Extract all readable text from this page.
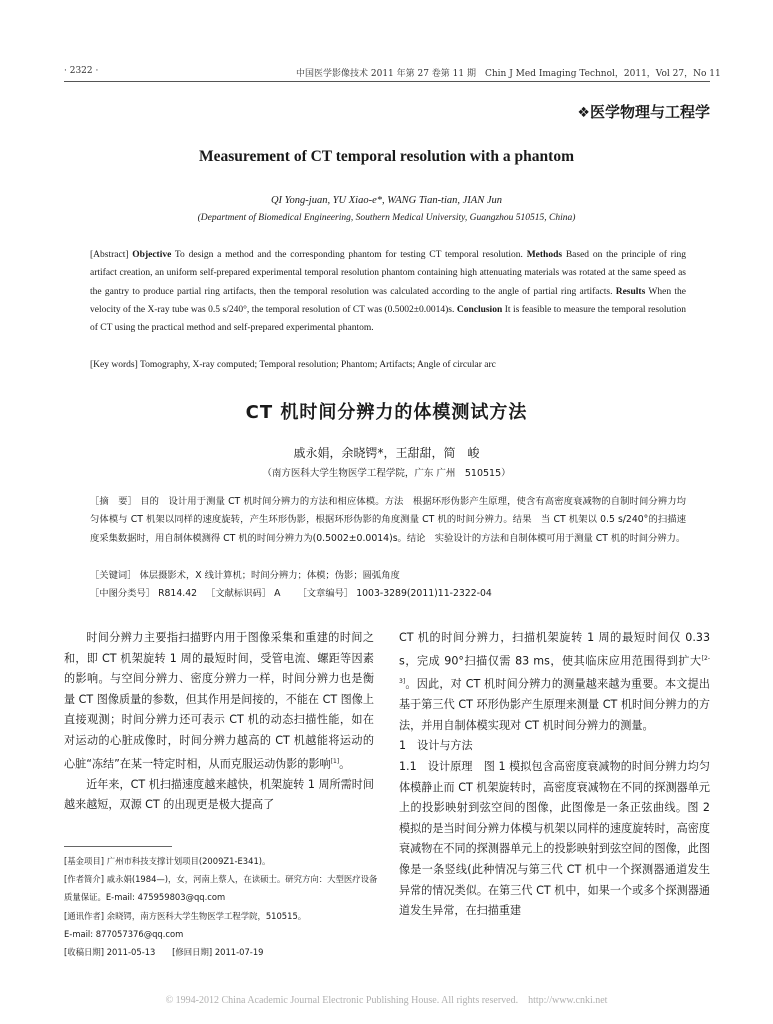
· 2322 ·	中国医学影像技术 2011 年第 27 卷第 11 期　Chin J Med Imaging Technol，2011，Vol 27，No 11
❖医学物理与工程学
Measurement of CT temporal resolution with a phantom
QI Yong-juan, YU Xiao-e*, WANG Tian-tian, JIAN Jun
(Department of Biomedical Engineering, Southern Medical University, Guangzhou 510515, China)
[Abstract] Objective To design a method and the corresponding phantom for testing CT temporal resolution. Methods Based on the principle of ring artifact creation, an uniform self-prepared experimental temporal resolution phantom containing high attenuating materials was rotated at the same speed as the gantry to produce partial ring artifacts, then the temporal resolution was calculated according to the angle of partial ring artifacts. Results When the velocity of the X-ray tube was 0.5 s/240°, the temporal resolution of CT was (0.5002±0.0014)s. Conclusion It is feasible to measure the temporal resolution of CT using the practical method and self-prepared experimental phantom.
[Key words] Tomography, X-ray computed; Temporal resolution; Phantom; Artifacts; Angle of circular arc
CT 机时间分辨力的体模测试方法
戚永娟，余晓锷*，王甜甜，简　峻
（南方医科大学生物医学工程学院，广东 广州　510515）
［摘　要］ 目的　设计用于测量 CT 机时间分辨力的方法和相应体模。方法　根据环形伪影产生原理，使含有高密度衰减物的自制时间分辨力均匀体模与 CT 机架以同样的速度旋转，产生环形伪影，根据环形伪影的角度测量 CT 机的时间分辨力。结果　当 CT 机架以 0.5 s/240°的扫描速度采集数据时，用自制体模测得 CT 机的时间分辨力为(0.5002±0.0014)s。结论　实验设计的方法和自制体模可用于测量 CT 机的时间分辨力。
［关键词］ 体层摄影术，X 线计算机；时间分辨力；体模；伪影；圆弧角度
［中图分类号］ R814.42 ［文献标识码］ A ［文章编号］ 1003-3289(2011)11-2322-04

时间分辨力主要指扫描野内用于图像采集和重建的时间之和，即 CT 机架旋转 1 周的最短时间，受管电流、螺距等因素的影响。与空间分辨力、密度分辨力一样，时间分辨力也是衡量 CT 图像质量的参数，但其作用是间接的，不能在 CT 图像上直接观测；时间分辨力还可表示 CT 机的动态扫描性能，如在对运动的心脏成像时，时间分辨力越高的 CT 机越能将运动的心脏“冻结”在某一特定时相，从而克服运动伪影的影响[1]。

近年来，CT 机扫描速度越来越快，机架旋转 1 周所需时间越来越短，双源 CT 的出现更是极大提高了

[基金项目] 广州市科技支撑计划项目(2009Z1-E341)。
[作者简介] 戚永娟(1984—)，女，河南上蔡人，在读硕士。研究方向：大型医疗设备质量保证。E-mail: 475959803@qq.com
[通讯作者] 余晓锷，南方医科大学生物医学工程学院，510515。
E-mail: 877057376@qq.com
[收稿日期] 2011-05-13　　[修回日期] 2011-07-19

CT 机的时间分辨力，扫描机架旋转 1 周的最短时间仅 0.33 s，完成 90°扫描仅需 83 ms，使其临床应用范围得到扩大[2-3]。因此，对 CT 机时间分辨力的测量越来越为重要。本文提出基于第三代 CT 环形伪影产生原理来测量 CT 机时间分辨力的方法，并用自制体模实现对 CT 机时间分辨力的测量。

1　设计与方法

1.1　设计原理　图 1 模拟包含高密度衰减物的时间分辨力均匀体模静止而 CT 机架旋转时，高密度衰减物在不同的探测器单元上的投影映射到弦空间的图像，此图像是一条正弦曲线。图 2 模拟的是当时间分辨力体模与机架以同样的速度旋转时，高密度衰减物在不同的探测器单元上的投影映射到弦空间的图像，此图像是一条竖线(此种情况与第三代 CT 机中一个探测器通道发生异常的情况类似。在第三代 CT 机中，如果一个或多个探测器通道发生异常，在扫描重建

© 1994-2012 China Academic Journal Electronic Publishing House. All rights reserved.　http://www.cnki.net
